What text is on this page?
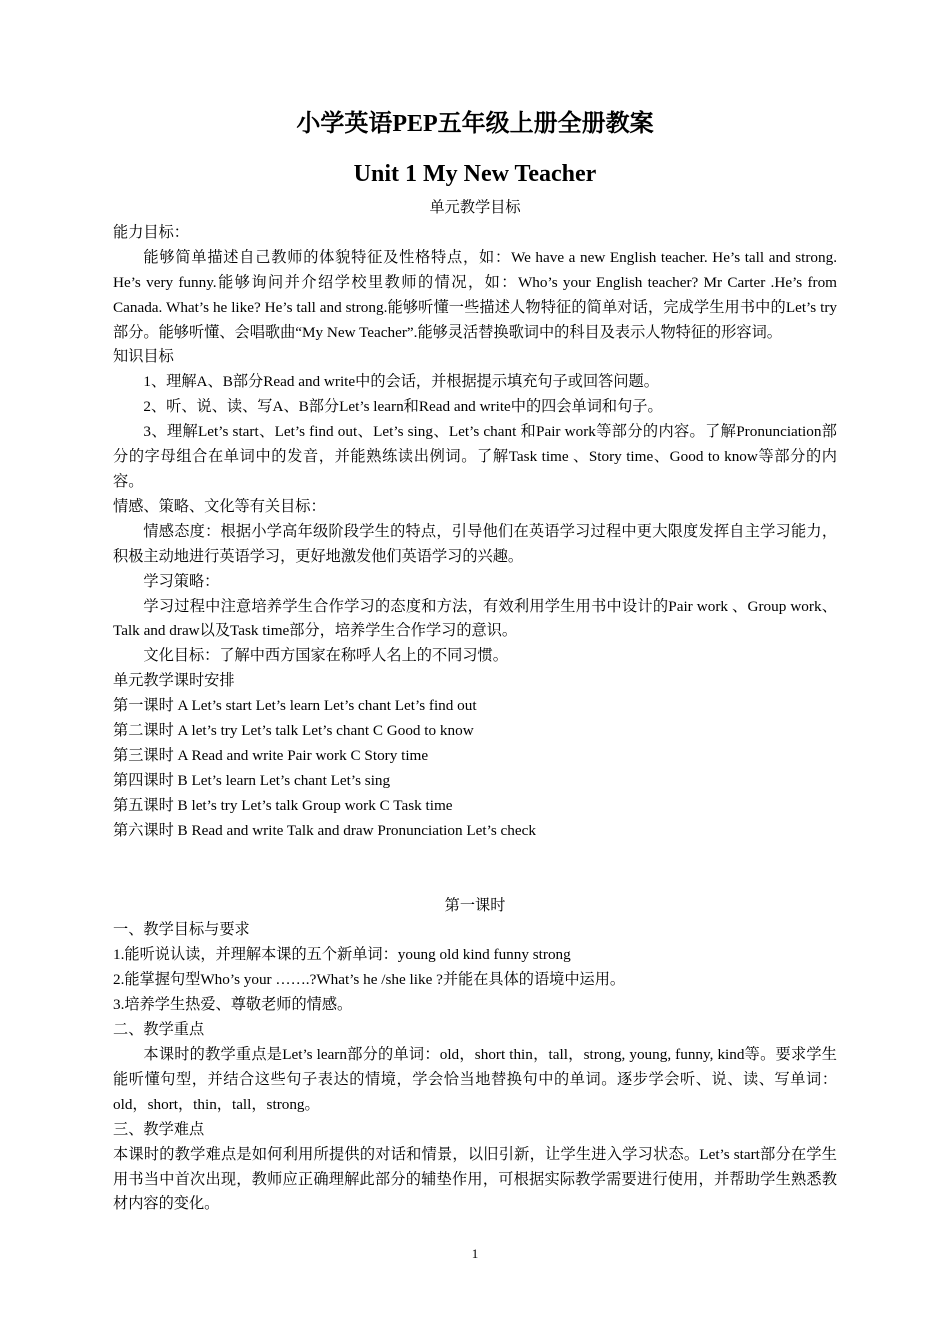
小学英语PEP五年级上册全册教案
Unit 1 My New Teacher

单元教学目标

能力目标：

能够简单描述自己教师的体貌特征及性格特点，如：We have a new English teacher. He’s tall and strong. He’s very funny.能够询问并介绍学校里教师的情况，如：Who’s your English teacher? Mr Carter .He’s from Canada. What’s he like? He’s tall and strong.能够听懂一些描述人物特征的简单对话，完成学生用书中的Let’s try 部分。能够听懂、会唱歌曲“My New Teacher”.能够灵活替换歌词中的科目及表示人物特征的形容词。

知识目标

1、理解A、B部分Read and write中的会话，并根据提示填充句子或回答问题。

2、听、说、读、写A、B部分Let’s learn和Read and write中的四会单词和句子。

3、理解Let’s start、Let’s find out、Let’s sing、Let’s chant 和Pair work等部分的内容。了解Pronunciation部分的字母组合在单词中的发音，并能熟练读出例词。了解Task time 、Story time、Good to know等部分的内容。

情感、策略、文化等有关目标：

情感态度：根据小学高年级阶段学生的特点，引导他们在英语学习过程中更大限度发挥自主学习能力，积极主动地进行英语学习，更好地激发他们英语学习的兴趣。

学习策略：

学习过程中注意培养学生合作学习的态度和方法，有效利用学生用书中设计的Pair work 、Group work、Talk and draw以及Task time部分，培养学生合作学习的意识。

文化目标：了解中西方国家在称呼人名上的不同习惯。

单元教学课时安排

第一课时 A Let’s start Let’s learn Let’s chant Let’s find out

第二课时 A let’s try Let’s talk Let’s chant C Good to know

第三课时 A Read and write Pair work C Story time

第四课时 B Let’s learn Let’s chant Let’s sing

第五课时 B let’s try Let’s talk Group work C Task time

第六课时 B Read and write Talk and draw Pronunciation Let’s check

第一课时

一、教学目标与要求

1.能听说认读，并理解本课的五个新单词：young old kind funny strong

2.能掌握句型Who’s your …….?What’s he /she like ?并能在具体的语境中运用。

3.培养学生热爱、尊敬老师的情感。

二、教学重点

本课时的教学重点是Let’s learn部分的单词：old，short thin，tall，strong, young, funny, kind等。要求学生能听懂句型，并结合这些句子表达的情境，学会恰当地替换句中的单词。逐步学会听、说、读、写单词：old，short，thin，tall，strong。

三、教学难点

本课时的教学难点是如何利用所提供的对话和情景，以旧引新，让学生进入学习状态。Let’s start部分在学生用书当中首次出现，教师应正确理解此部分的辅垫作用，可根据实际教学需要进行使用，并帮助学生熟悉教材内容的变化。

1
